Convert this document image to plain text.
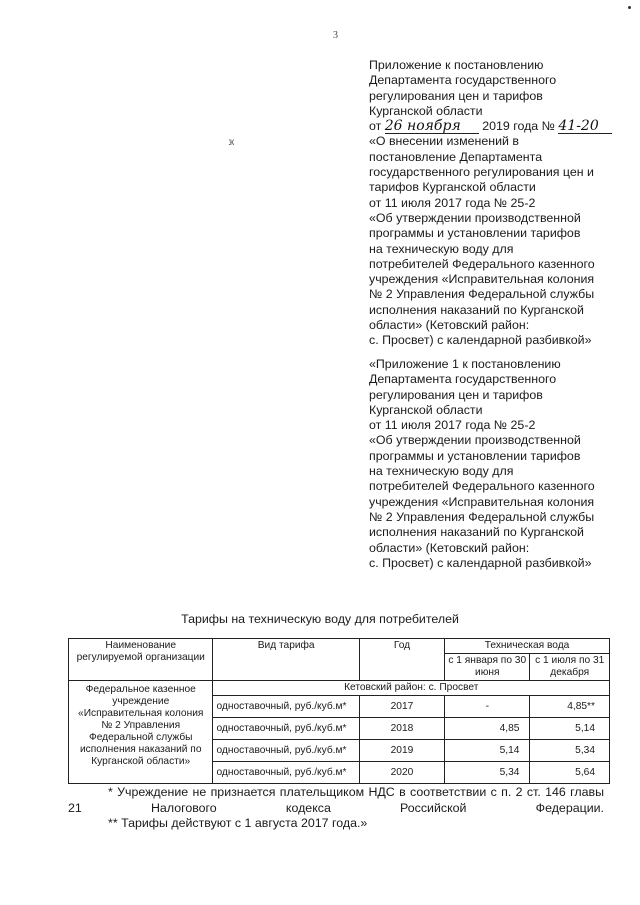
3
:к
Приложение к постановлению
Департамента государственного
регулирования цен и тарифов
Курганской области
от 26 ноября 2019 года № 41-20
«О внесении изменений в
постановление Департамента
государственного регулирования цен и
тарифов Курганской области
от 11 июля 2017 года № 25-2
«Об утверждении производственной
программы и установлении тарифов
на техническую воду для
потребителей Федерального казенного
учреждения «Исправительная колония
№ 2 Управления Федеральной службы
исполнения наказаний по Курганской
области» (Кетовский район:
с. Просвет) с календарной разбивкой»
«Приложение 1 к постановлению
Департамента государственного
регулирования цен и тарифов
Курганской области
от 11 июля 2017 года № 25-2
«Об утверждении производственной
программы и установлении тарифов
на техническую воду для
потребителей Федерального казенного
учреждения «Исправительная колония
№ 2 Управления Федеральной службы
исполнения наказаний по Курганской
области» (Кетовский район:
с. Просвет) с календарной разбивкой»
Тарифы на техническую воду для потребителей
Наименование регулируемой организации	Вид тарифа	Год	Техническая вода	
			с 1 января по 30 июня	с 1 июля по 31 декабря
Федеральное казенное учреждение «Исправительная колония № 2 Управления Федеральной службы исполнения наказаний по Курганской области»	Кетовский район: с. Просвет			
	одноставочный, руб./куб.м*	2017	-	4,85**
	одноставочный, руб./куб.м*	2018	4,85	5,14
	одноставочный, руб./куб.м*	2019	5,14	5,34
	одноставочный, руб./куб.м*	2020	5,34	5,64

* Учреждение не признается плательщиком НДС в соответствии с п. 2 ст. 146 главы 21 Налогового кодекса Российской Федерации.

** Тарифы действуют с 1 августа 2017 года.»
